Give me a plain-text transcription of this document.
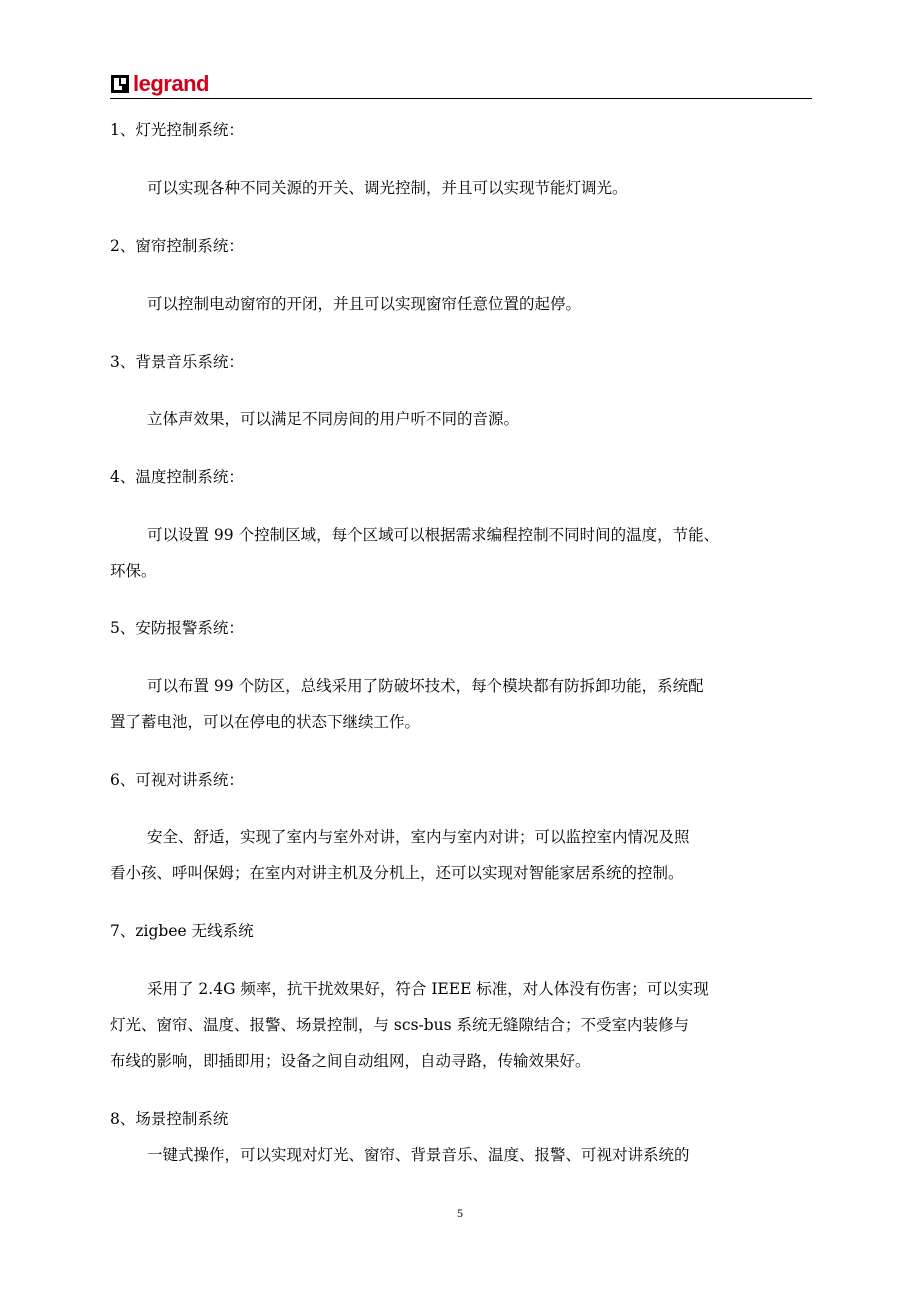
legrand
1、灯光控制系统：
可以实现各种不同关源的开关、调光控制，并且可以实现节能灯调光。
2、窗帘控制系统：
可以控制电动窗帘的开闭，并且可以实现窗帘任意位置的起停。
3、背景音乐系统：
立体声效果，可以满足不同房间的用户听不同的音源。
4、温度控制系统：
可以设置 99 个控制区域，每个区域可以根据需求编程控制不同时间的温度，节能、
环保。
5、安防报警系统：
可以布置 99 个防区，总线采用了防破坏技术，每个模块都有防拆卸功能，系统配
置了蓄电池，可以在停电的状态下继续工作。
6、可视对讲系统：
安全、舒适，实现了室内与室外对讲，室内与室内对讲；可以监控室内情况及照
看小孩、呼叫保姆；在室内对讲主机及分机上，还可以实现对智能家居系统的控制。
7、zigbee 无线系统
采用了 2.4G 频率，抗干扰效果好，符合 IEEE 标准，对人体没有伤害；可以实现
灯光、窗帘、温度、报警、场景控制，与 scs-bus 系统无缝隙结合；不受室内装修与
布线的影响，即插即用；设备之间自动组网，自动寻路，传输效果好。
8、场景控制系统
一键式操作，可以实现对灯光、窗帘、背景音乐、温度、报警、可视对讲系统的
5
